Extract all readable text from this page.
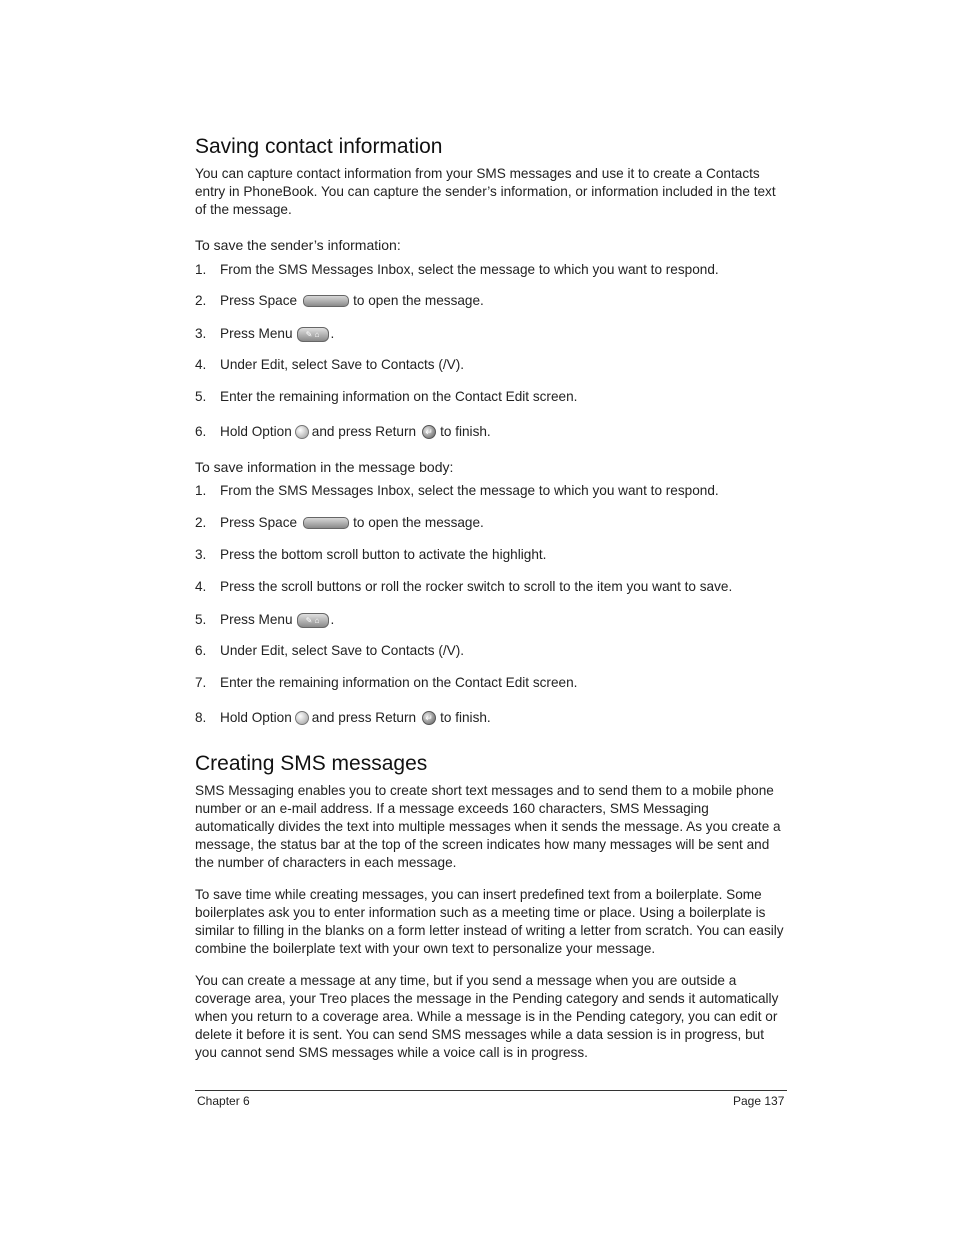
Saving contact information

You can capture contact information from your SMS messages and use it to create a Contacts entry in PhoneBook. You can capture the sender’s information, or information included in the text of the message.

To save the sender’s information:

1. From the SMS Messages Inbox, select the message to which you want to respond.
2. Press Space	to open the message.
3. Press Menu ✎ ⌂ .
4. Under Edit, select Save to Contacts (/V).
5. Enter the remaining information on the Contact Edit screen.
6. Hold Option and press Return ↵ to finish.

To save information in the message body:

1. From the SMS Messages Inbox, select the message to which you want to respond.
2. Press Space	to open the message.
3. Press the bottom scroll button to activate the highlight.
4. Press the scroll buttons or roll the rocker switch to scroll to the item you want to save.
5. Press Menu ✎ ⌂ .
6. Under Edit, select Save to Contacts (/V).
7. Enter the remaining information on the Contact Edit screen.
8. Hold Option and press Return ↵ to finish.
Creating SMS messages

SMS Messaging enables you to create short text messages and to send them to a mobile phone number or an e-mail address. If a message exceeds 160 characters, SMS Messaging automatically divides the text into multiple messages when it sends the message. As you create a message, the status bar at the top of the screen indicates how many messages will be sent and the number of characters in each message.

To save time while creating messages, you can insert predefined text from a boilerplate. Some boilerplates ask you to enter information such as a meeting time or place. Using a boilerplate is similar to filling in the blanks on a form letter instead of writing a letter from scratch. You can easily combine the boilerplate text with your own text to personalize your message.

You can create a message at any time, but if you send a message when you are outside a coverage area, your Treo places the message in the Pending category and sends it automatically when you return to a coverage area. While a message is in the Pending category, you can edit or delete it before it is sent. You can send SMS messages while a data session is in progress, but you cannot send SMS messages while a voice call is in progress.

Chapter 6	Page 137
